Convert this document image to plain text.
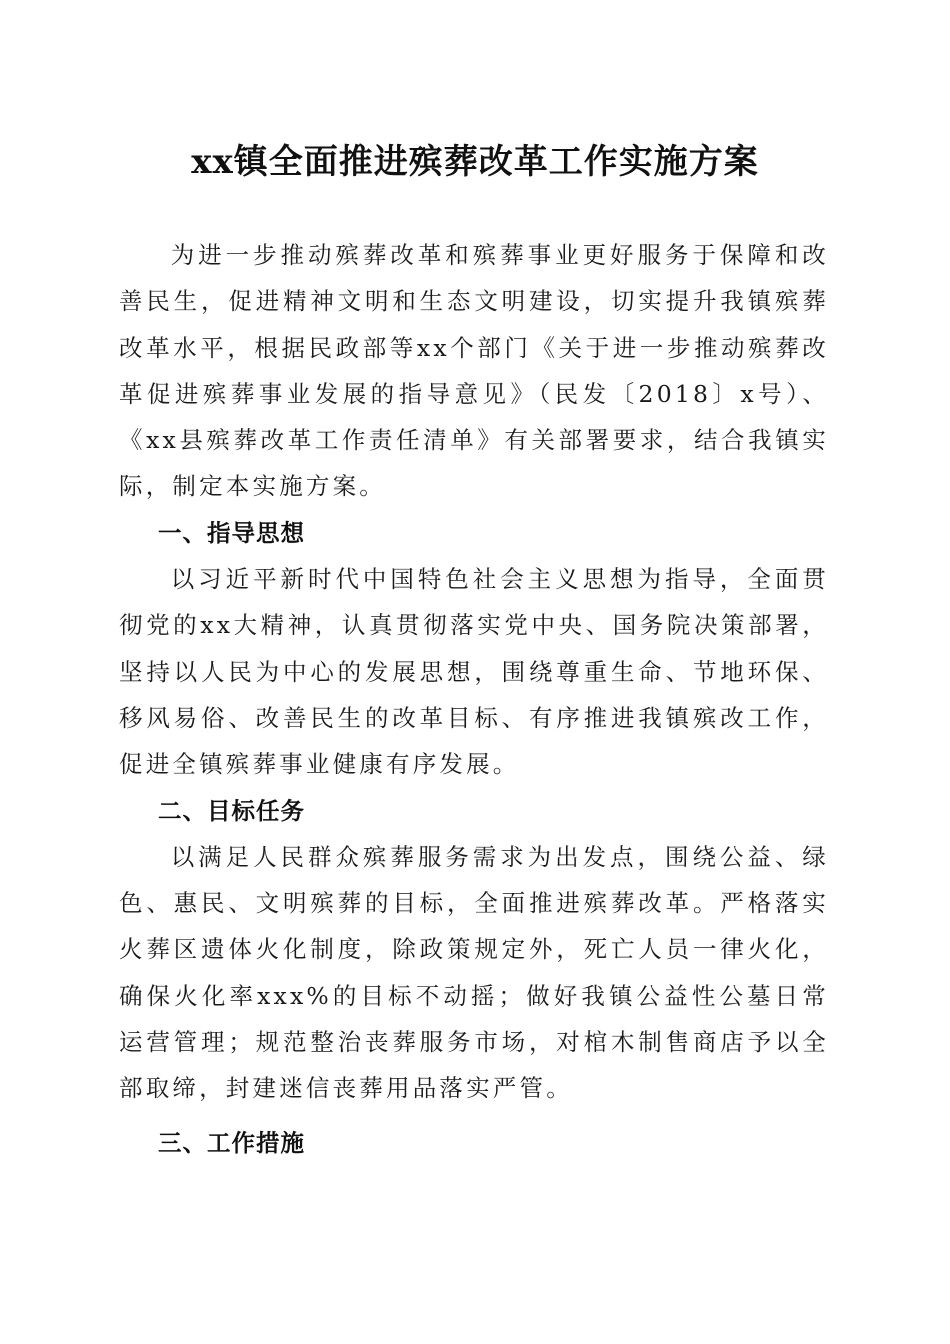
xx镇全面推进殡葬改革工作实施方案

为进一步推动殡葬改革和殡葬事业更好服务于保障和改善民生，促进精神文明和生态文明建设，切实提升我镇殡葬改革水平，根据民政部等xx个部门《关于进一步推动殡葬改革促进殡葬事业发展的指导意见》（民发〔2018〕x号）、《xx县殡葬改革工作责任清单》有关部署要求，结合我镇实际，制定本实施方案。

一、指导思想

以习近平新时代中国特色社会主义思想为指导，全面贯彻党的xx大精神，认真贯彻落实党中央、国务院决策部署，坚持以人民为中心的发展思想，围绕尊重生命、节地环保、移风易俗、改善民生的改革目标、有序推进我镇殡改工作，促进全镇殡葬事业健康有序发展。

二、目标任务

以满足人民群众殡葬服务需求为出发点，围绕公益、绿色、惠民、文明殡葬的目标，全面推进殡葬改革。严格落实火葬区遗体火化制度，除政策规定外，死亡人员一律火化，确保火化率xxx%的目标不动摇；做好我镇公益性公墓日常运营管理；规范整治丧葬服务市场，对棺木制售商店予以全部取缔，封建迷信丧葬用品落实严管。

三、工作措施
